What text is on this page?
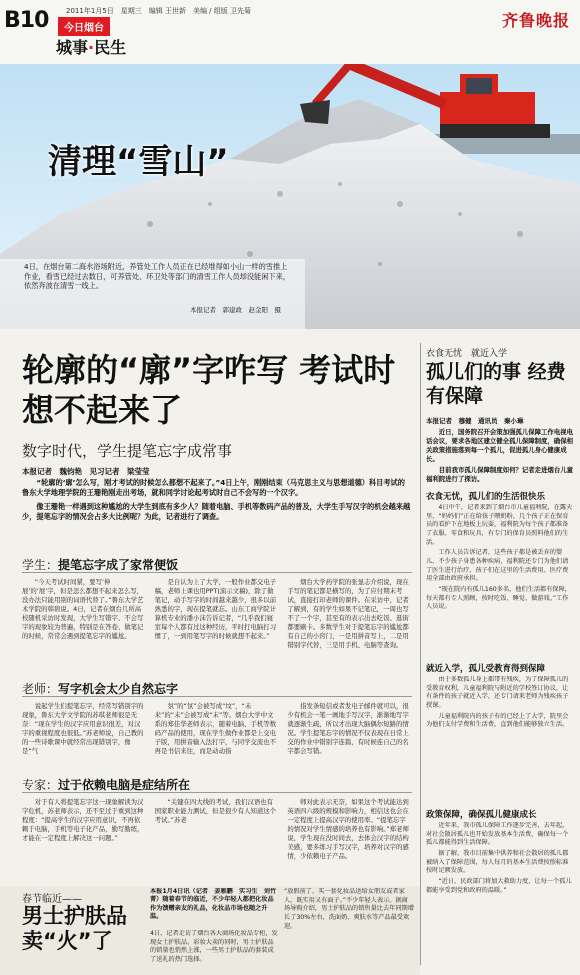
B10	2011年1月5日　星期三　编辑 王世新　美编 / 组版 卫先菊
今日烟台
城事·民生
齐鲁晚报
清理“雪山”
4日，在烟台第二海水浴场附近，养管处工作人员正在已经堆得如小山一样的雪推上作业，看雪已经过去数日，可养管处、环卫处等部门的清雪工作人员却没能闲下来，依然奔波在清雪一线上。
本报记者　郭建政　赵金阳　摄
轮廓的“廓”字咋写 考试时想不起来了
数字时代，学生提笔忘字成常事
本报记者　魏钧艳　见习记者　梁莹莹

“轮廓的‘廓’怎么写，刚才考试的时候怎么都想不起来了。”4日上午，刚刚结束（马克思主义与思想道德）科目考试的鲁东大学地理学院的王珊艳刚走出考场，就和同学讨论起考试时自己不会写的一个汉字。

像王珊艳一样遇到这种尴尬的大学生到底有多少人？随着电脑、手机等数码产品的普及，大学生手写汉字的机会越来越少，提笔忘字的情况会占多大比例呢？为此，记者进行了调查。

学生：提笔忘字成了家常便饭
“今天考试时间紧，要写‘伸展’的‘展’字，但是怎么都想不起来怎么写，没办法只能用别的词语代替了。”鲁东大学艺术学院的韩碧说。4日，记者在烟台几所高校随机采访时发现，大学生写错字、不会写字的现象较为普遍，特别是在答卷、做笔记的时候，常常会遇到提笔忘字的尴尬。
是自认为上了大学，一般作业都交电子稿，老师上课也用PPT(演示文稿)，除了做笔记，动手写字的时间越来越少，很多以前熟悉的字，现在提笔就忘。山东工商学院计算机专业的潘小沫告诉记者，“几乎我们寝室每个人都有过这种经历，平时打电脑打习惯了，一到用笔写字的时候就想不起来。”
烟台大学药学院的张显志介绍说，现在手写的笔记都是横写的，为了应付期末考试，直接打印老师的课件。在采访中，记者了解到，有的学生如果不记笔记，一周也写不了一个字，甚至有的表示出去吃饭、逛街都要刷卡。多数学生对于提笔忘字的尴尬都有自己的小窍门，一是用拼音写上，二是用错别字代替，三是用手机、电脑等查询。
老师：写字机会太少自然忘字
说起学生们提笔忘字，经常写错别字的现象，鲁东大学文学院的苏琪老师很是无奈：“现在学生的汉字应用意识很差，对汉字的重视程度也很低。”苏老师说，自己教的的一些诗歌课中就经常出现错别字，像是“气
氛”的“氛”会被写成“坟”，“未来”的“未”会被写成“末”等。烟台大学中文系的郑佳华老师表示，随着电脑、手机等数码产品的使用，现在学生做作业都是上交电子版，用拼音输入法打字，与同学交流也不再是书信来往，而是动动指
指发条短信或者发电子邮件就可以，很少有机会一笔一画地手写汉字，渐渐地写字就逐渐生疏，所以才出现大脑偶尔短路的情况。学生提笔忘字的情况不仅表现在日常上交的作业中错别字连篇，有时候连自己的名字都会写错。
专家：过于依赖电脑是症结所在
对于有人将提笔忘字这一现象解读为汉字危机，苏老师表示，还不至过于重到这种程度：“提高学生的汉字应用意识，不再依赖于电脑，手机等电子化产品，勤写勤练，才能在一定程度上解决这一问题。”
“关键在四大线的考试，我们汉语也有国家职业能力测试，但是很少有人知道这个考试。”苏老
师对此表示无奈，如果这个考试能达到英语四六级的规模和影响力，相信这也会在一定程度上提高汉字的使用率。“提笔忘字的情况对学生情感的培养也有影响。”郑老师说，学生现在没时间去，去体会汉字的结构美感，要多练习手写汉字，培养对汉字的感情，少依赖电子产品。
衣食无忧　就近入学
孤儿们的事 经费有保障
本报记者　穆健　通讯员　秦小琳

近日，国务院召开会策加强孤儿保障工作电视电话会议，要求各地区建立健全孤儿保障制度，确保相关政策措施落到每一个孤儿，促进孤儿身心健康成长。

目前我市孤儿保障制度如何？记者走进烟台儿童福利院进行了探访。

衣食无忧，孤儿们的生活很快乐

4日中午，记者来到了烟台市儿童福利院，在露天里，“妈妈们”正在给孩子喂奶粉，几个孩子正在保育员的看护下在地板上玩耍，福利院为每个孩子都准备了衣服、零食和玩具，有专门的保育员照料他们的生活。

工作人员告诉记者，这些孩子都是被丢弃的婴儿，不少孩子身患各种疾病，福利院还专门为他们请了医生进行治疗，孩子们在这里的生活费用、医疗费用全部由政府承担。

“现在院内有孤儿160多名，他们生活都有保障，每天都有专人照顾，按时吃饭、睡觉、做游戏。”工作人员说。

就近入学，孤儿受教育得到保障

由于多数孤儿身上都带有残疾，为了保障孤儿的受教育权利，儿童福利院与附近的学校签订协议，让有条件的孩子就近入学，还专门请来老师为残疾孩子授课。

儿童福利院内的孩子有的已经上了大学，院里会为他们支付学费和生活费，直到他们能够独立生活。

政策保障，确保孤儿健康成长

近年来，我市孤儿保障工作逐步完善，去年起，对社会散居孤儿也开始发放基本生活费，确保每一个孤儿都能得到生活保障。

据了解，我市目前集中供养和社会散居的孤儿都被纳入了保障范围，每人每月的基本生活费按照标准按时足额发放。

“近日，民政部门将加大救助力度，让每一个孤儿都能享受到党和政府的温暖。”

春节临近——
男士护肤品卖“火”了
本报1月4日讯（记者　姜雅鹏　实习生　刘竹菁）随着春节的临近，不少年轻人都把化妆品作为馈赠亲友的礼品，化妆品市场也随之升温。
4日，记者走访了烟台各大商场化妆品专柜，发现女士护肤品、彩妆大卖的同时，男士护肤品的销量也悄然上涨，一些男士护肤品的套装成了送礼的热门选择。
“放假前了，买一套化妆品送给女朋友或者家人，既实用又有面子。”不少年轻人表示。据商场导购介绍，男士护肤品的销售量比去年同期增长了30%左右，洗面奶、爽肤水等产品最受欢迎。
